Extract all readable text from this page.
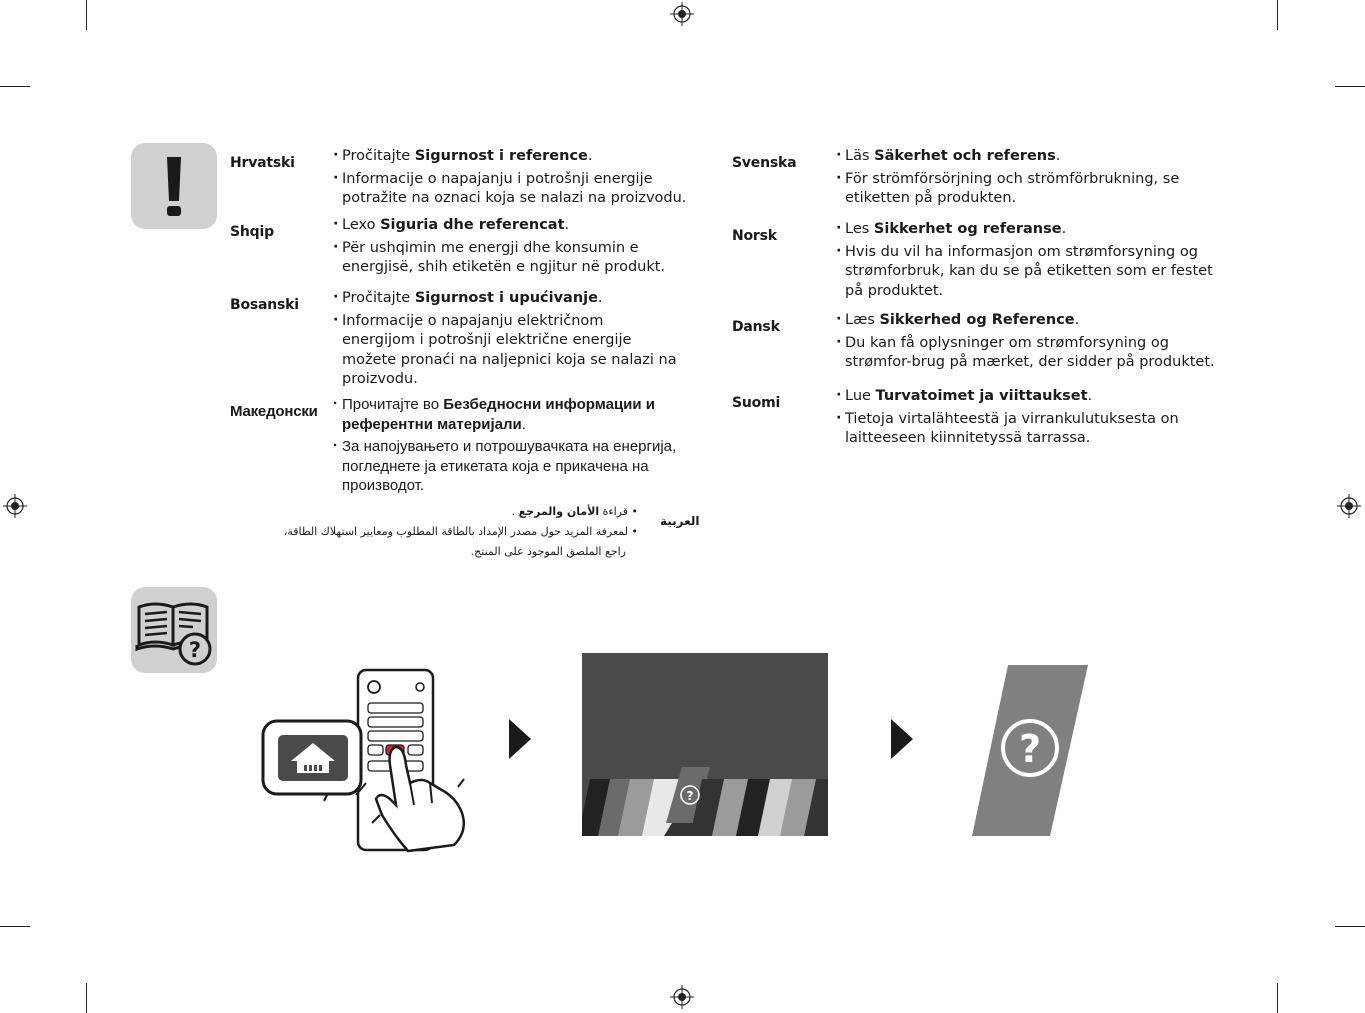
Hrvatski	· Pročitajte Sigurnost i reference.
· Informacije o napajanju i potrošnji energije potražite na oznaci koja se nalazi na proizvodu.
Shqip	· Lexo Siguria dhe referencat.
· Për ushqimin me energji dhe konsumin e energjisë, shih etiketën e ngjitur në produkt.
Bosanski	· Pročitajte Sigurnost i upućivanje.
· Informacije o napajanju električnom energijom i potrošnji električne energije možete pronaći na naljepnici koja se nalazi na proizvodu.
Македонски	· Прочитајте во Безбедносни информации и референтни материјали.
· За напојувањето и потрошувачката на енергија, погледнете ја етикетата која е прикачена на производот.
العربية
• قراءة الأمان والمرجع .
• لمعرفة المزيد حول مصدر الإمداد بالطاقة المطلوب ومعايير استهلاك الطاقة،
راجع الملصق الموجود على المنتج.
Svenska	· Läs Säkerhet och referens.
· För strömförsörjning och strömförbrukning, se etiketten på produkten.
Norsk	· Les Sikkerhet og referanse.
· Hvis du vil ha informasjon om strømforsyning og strømforbruk, kan du se på etiketten som er festet på produktet.
Dansk	· Læs Sikkerhed og Reference.
· Du kan få oplysninger om strømforsyning og strømfor-brug på mærket, der sidder på produktet.
Suomi	· Lue Turvatoimet ja viittaukset.
· Tietoja virtalähteestä ja virrankulutuksesta on laitteeseen kiinnitetyssä tarrassa.
?
?
?
